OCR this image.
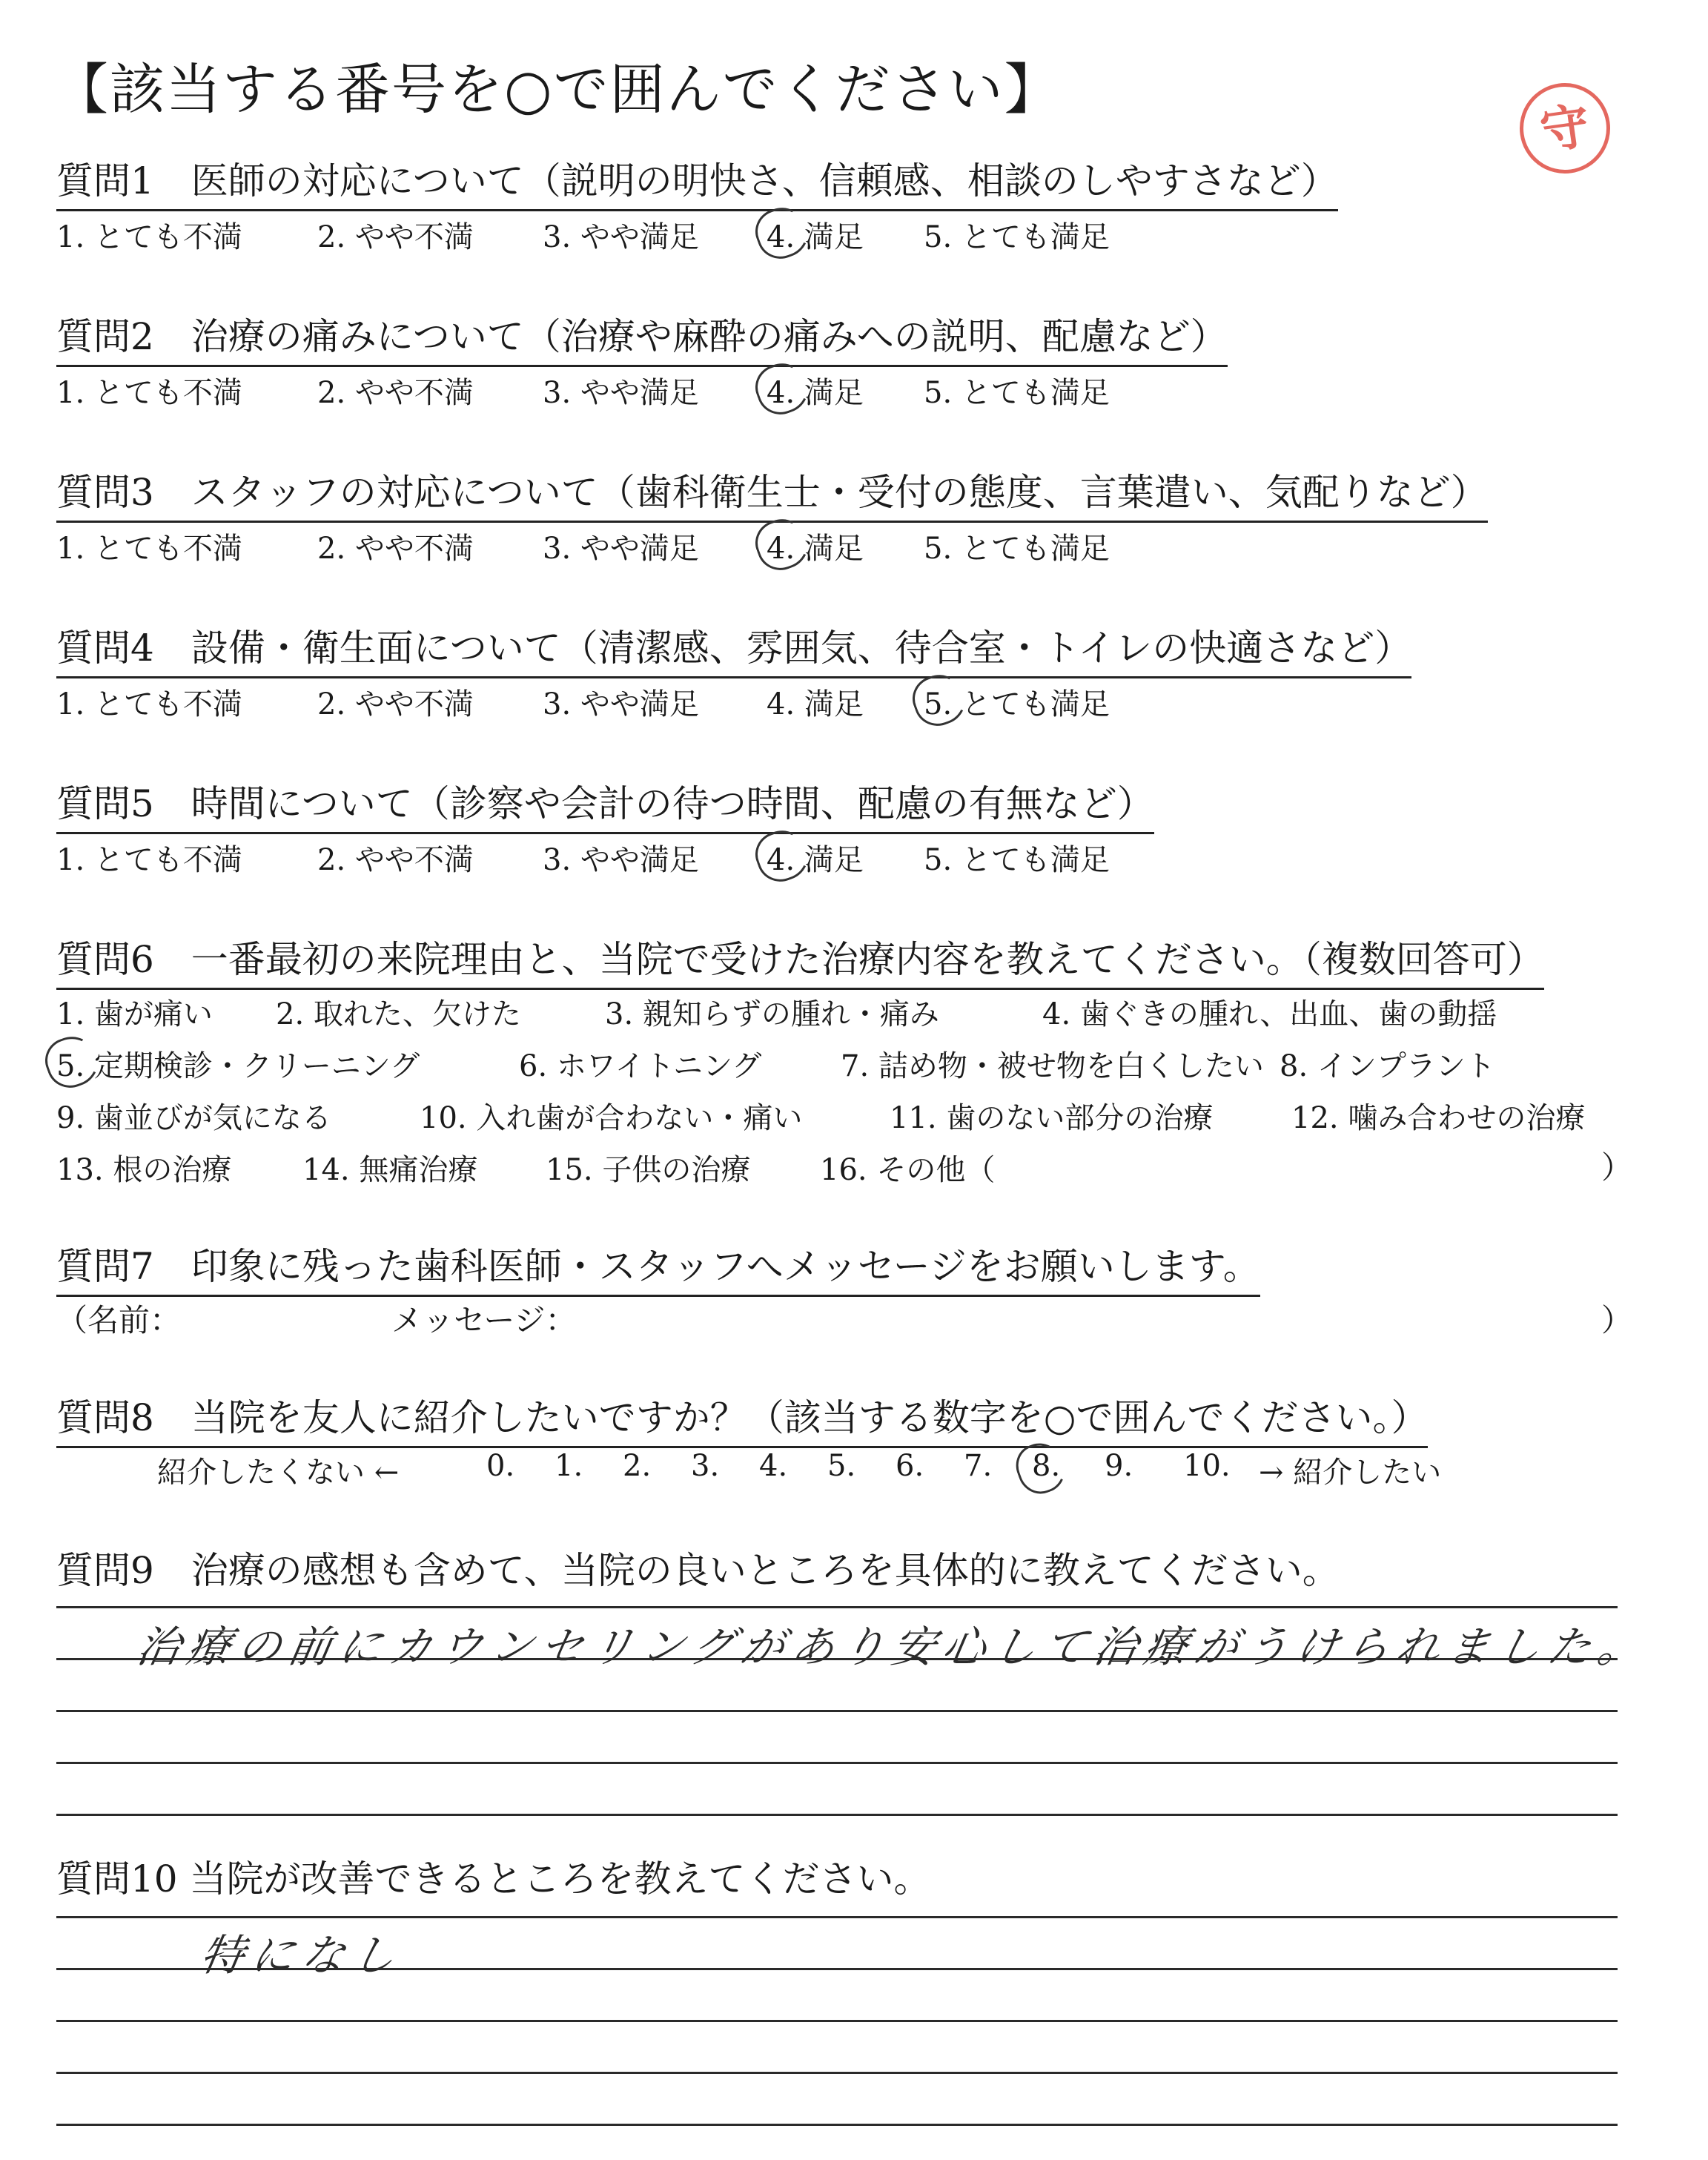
【該当する番号を○で囲んでください】
守
質問1　医師の対応について（説明の明快さ、信頼感、相談のしやすさなど）
1. とても不満	2. やや不満 3. やや満足 4. 満足 5. とても満足
質問2　治療の痛みについて（治療や麻酔の痛みへの説明、配慮など）
1. とても不満	2. やや不満 3. やや満足 4. 満足 5. とても満足
質問3　スタッフの対応について（歯科衛生士・受付の態度、言葉遣い、気配りなど）
1. とても不満	2. やや不満 3. やや満足 4. 満足 5. とても満足
質問4　設備・衛生面について（清潔感、雰囲気、待合室・トイレの快適さなど）
1. とても不満	2. やや不満 3. やや満足 4. 満足 5. とても満足
質問5　時間について（診察や会計の待つ時間、配慮の有無など）
1. とても不満	2. やや不満 3. やや満足 4. 満足 5. とても満足
質問6　一番最初の来院理由と、当院で受けた治療内容を教えてください。（複数回答可）
1. 歯が痛い 2. 取れた、欠けた	3. 親知らずの腫れ・痛み	4. 歯ぐきの腫れ、出血、歯の動揺
5. 定期検診・クリーニング	6. ホワイトニング	7. 詰め物・被せ物を白くしたい 8. インプラント
9. 歯並びが気になる	10. 入れ歯が合わない・痛い	11. 歯のない部分の治療	12. 噛み合わせの治療
13. 根の治療 14. 無痛治療 15. 子供の治療 16. その他（	）
質問7　印象に残った歯科医師・スタッフへメッセージをお願いします。
（名前：	メッセージ：	）
質問8　当院を友人に紹介したいですか？（該当する数字を○で囲んでください。）
紹介したくない ←	0. 1. 2. 3. 4. 5. 6. 7. 8. 9. 10. → 紹介したい
質問9　治療の感想も含めて、当院の良いところを具体的に教えてください。
治療の前にカウンセリングがあり安心して治療がうけられました。
質問10 当院が改善できるところを教えてください。
特になし
